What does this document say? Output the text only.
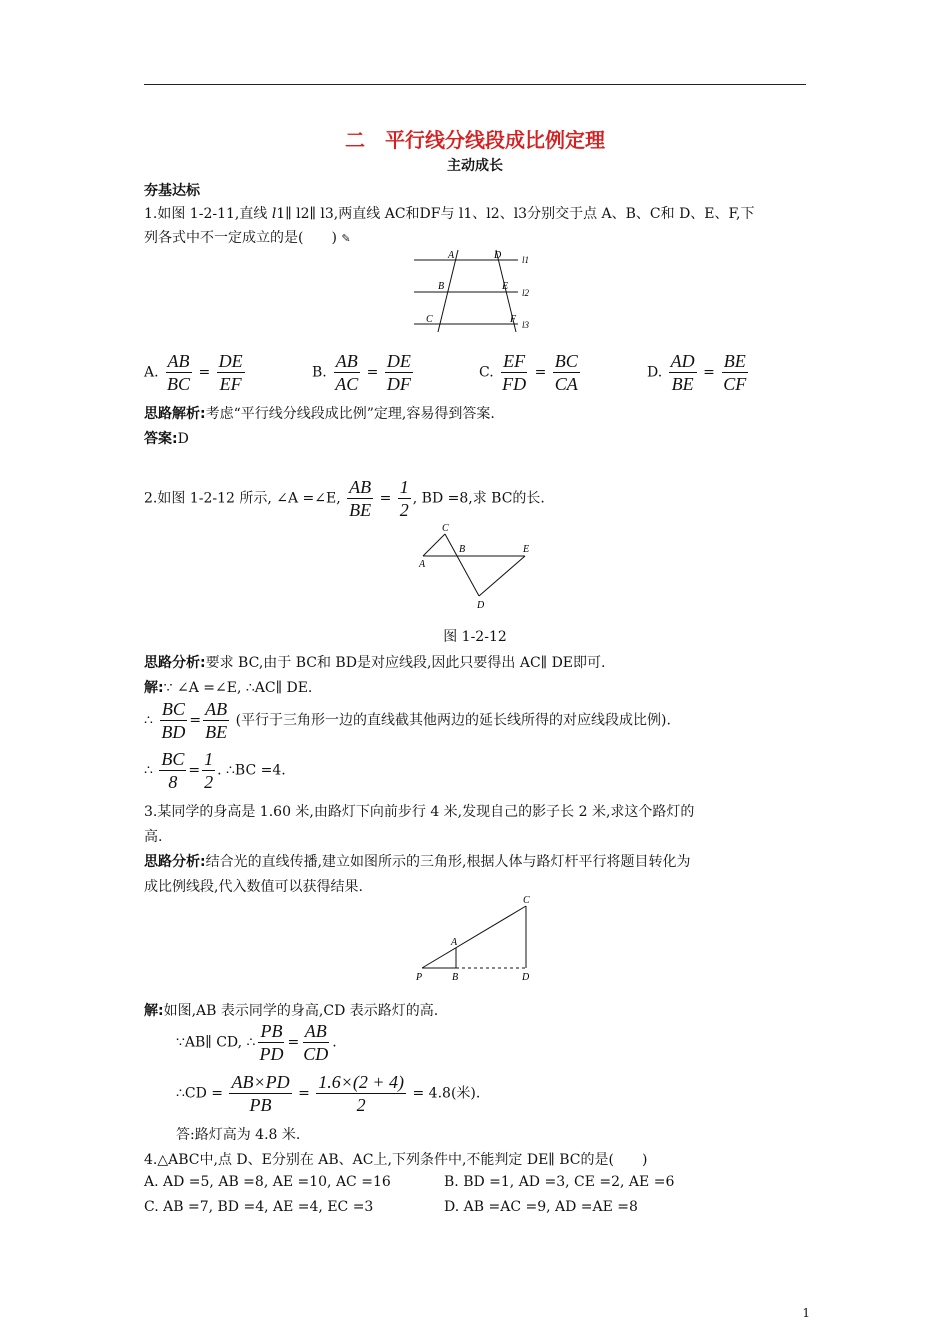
二　平行线分线段成比例定理
主动成长
夯基达标
1.如图 1-2-11,直线 l1∥ l2∥ l3,两直线 AC和DF与 l1、l2、l3分别交于点 A、B、C和 D、E、F,下
列各式中不一定成立的是(　　) ✎
A	D l1
B	E
l2
C	F l3
A. $\frac{AB}{BC} = \frac{DE}{EF}$	B. $\frac{AB}{AC} = \frac{DE}{DF}$	C. $\frac{EF}{FD} = \frac{BC}{CA}$	D. $\frac{AD}{BE} = \frac{BE}{CF}$
思路解析:考虑“平行线分线段成比例”定理,容易得到答案.
答案:D
2.如图 1-2-12 所示, ∠A =∠E, $\frac{AB}{BE} = \frac{1}{2}$ , BD =8,求 BC的长.
C
B	E
A
D
图 1-2-12
思路分析:要求 BC,由于 BC和 BD是对应线段,因此只要得出 AC∥ DE即可.
解:∵ ∠A =∠E, ∴AC∥ DE.
∴ $\frac{BC}{BD} = \frac{AB}{BE}$ (平行于三角形一边的直线截其他两边的延长线所得的对应线段成比例).
∴ $\frac{BC}{8} = \frac{1}{2}$ . ∴BC =4.
3.某同学的身高是 1.60 米,由路灯下向前步行 4 米,发现自己的影子长 2 米,求这个路灯的
高.
思路分析:结合光的直线传播,建立如图所示的三角形,根据人体与路灯杆平行将题目转化为
成比例线段,代入数值可以获得结果.
C
A
P	B	D
解:如图,AB 表示同学的身高,CD 表示路灯的高.
∵AB∥ CD, ∴ $\frac{PB}{PD} = \frac{AB}{CD}$ .
∴CD = $\frac{AB\times PD}{PB} = \frac{1.6\times(2 + 4)}{2} = 4.8$(米).
答:路灯高为 4.8 米.
4.△ABC中,点 D、E分别在 AB、AC上,下列条件中,不能判定 DE∥ BC的是(　　)
A. AD =5, AB =8, AE =10, AC =16	B. BD =1, AD =3, CE =2, AE =6
C. AB =7, BD =4, AE =4, EC =3	D. AB =AC =9, AD =AE =8
1
